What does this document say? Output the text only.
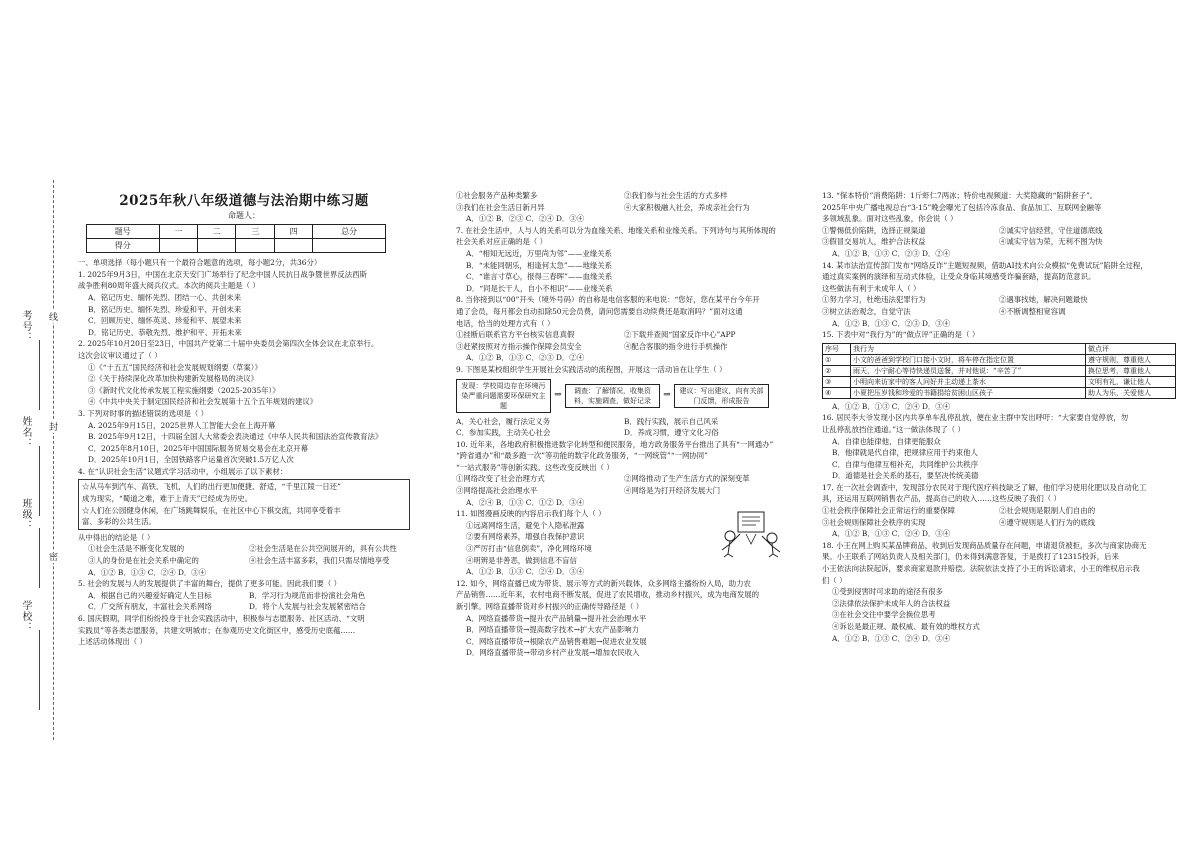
考号：
姓名：
班级：
学校：
线
封
密
2025年秋八年级道德与法治期中练习题
命题人：
题号	一	二	三	四	总分
得分					
一、单项选择（每小题只有一个最符合题意的选项，每小题2分，共36分）
1. 2025年9月3日，中国在北京天安门广场举行了纪念中国人民抗日战争暨世界反法西斯
战争胜利80周年盛大阅兵仪式。本次的阅兵主题是（ ）
A．铭记历史、缅怀先烈、团结一心、共创未来
B．铭记历史、缅怀先烈、珍爱和平、开创未来
C．回顾历史、缅怀英灵、珍爱和平、展望未来
D．铭记历史、恭敬先烈、维护和平、开拓未来
2. 2025年10月20日至23日，中国共产党第二十届中央委员会第四次全体会议在北京举行。
这次会议审议通过了（ ）
①《“十五五”国民经济和社会发展规划纲要（草案）》
②《关于持续深化改革加快构建新发展格局的决议》
③《新时代文化传承发展工程实施纲要（2025-2035年）》
④《中共中央关于制定国民经济和社会发展第十五个五年规划的建议》
3. 下列对时事的描述错误的选项是（ ）
A. 2025年9月15日，2025世界人工智能大会在上海开幕
B. 2025年9月12日，十四届全国人大常委会表决通过《中华人民共和国法治宣传教育法》
C．2025年8月10日，2025年中国国际服务贸易交易会在北京开幕
D．2025年10月1日，全国铁路客户运量首次突破1.5万亿人次
4. 在“认识社会生活”议题式学习活动中，小组展示了以下素材：
☆从马车到汽车、高铁、飞机，人们的出行更加便捷、舒适，“千里江陵一日还”
成为现实，“蜀道之难，难于上青天”已经成为历史。
☆人们在公园健身休闲，在广场跳舞娱乐，在社区中心下棋交流，共同享受着丰
富、多彩的公共生活。
从中得出的结论是（ ）
①社会生活是不断变化发展的	②社会生活是在公共空间展开的，具有公共性
③人的身份是在社会关系中确定的	④社会生活丰富多彩，我们只需尽情地享受
A．①② B．①③ C．②④ D．③④
5. 社会的发展与人的发展提供了丰富的舞台，提供了更多可能。因此我们要（ ）
A．根据自己的兴趣爱好确定人生目标	B．学习行为规范而非扮演社会角色
C．广交所有朋友，丰富社会关系网络	D．将个人发展与社会发展紧密结合
6. 国庆假期，同学们纷纷投身于社会实践活动中，积极参与志愿服务、社区活动、“文明
实践员”等各类志愿服务，共建文明城市；在参观历史文化街区中，感受历史底蕴……
上述活动体现出（ ）
①社会服务产品种类繁多	②我们参与社会生活的方式多样
③我们在社会生活日新月异	④大家积极融入社会，养成亲社会行为
A．①② B．②③ C．②④ D．③④
7. 在社会生活中，人与人的关系可以分为血缘关系、地缘关系和业缘关系。下列诗句与其所体现的
社会关系对应正确的是（ ）
A．“相知无远近，万里尚为邻”——业缘关系
B．“未能同朝乐，相逢何太急”——地缘关系
C．“谁言寸草心，报得三春晖”——血缘关系
D．“同是长干人，自小不相识”——业缘关系
8. 当你接到以“00”开头（境外号码）的自称是电信客服的来电说：“您好，您在某平台今年开
通了会员，每月都会自动扣除50元会员费，请问您需要自动续费还是取消吗？”面对这通
电话，恰当的处理方式有（ ）
①挂断后联系官方平台核实信息真假	②下载并查阅“国家反诈中心”APP
③赶紧按照对方指示操作保障会员安全	④配合客服的指令进行手机操作
A．①② B．①③ C．②③ D．②④
9. 下图是某校组织学生开展社会实践活动的流程图，开展这一活动旨在让学生（ ）
发现：学校周边存在环境污染严重问题需要环保研究主题
⇒	调查：了解情况，收集资料，实施调查，做好记录
⇒	建议：写出建议，向有关部门反馈，形成报告
A．关心社会，履行法定义务	B．践行实践，展示自己风采
C．参加实践，主动关心社会	D．养成习惯，遵守文化习俗
10. 近年来，各地政府积极推进数字化转型和便民服务，地方政务服务平台推出了具有“一网通办”
“跨省通办”和“最多跑一次”等功能的数字化政务服务，“一网统管”“一网协同”
“一站式服务”等创新实践。这些改变反映出（ ）
①网络改变了社会治理方式	②网络推动了生产生活方式的深刻变革
③网络提高社会治理水平	④网络是为打开经济发展大门
A．②④ B．①③ C．①② D．③④
11. 如图漫画反映的内容启示我们每个人（ ）
①远离网络生活，避免个人隐私泄露
②要有网络素养，增强自我保护意识
③严厉打击“信息倒卖”，净化网络环境
④明辨是非善恶，做到信息不盲信
A．①② B．①③ C．②④ D．③④
12. 如今，网络直播已成为带货、展示等方式的新兴载体，众多网络主播纷纷入局，助力农
产品销售……近年来，农村电商不断发展，促进了农民增收，推动乡村振兴，成为电商发展的
新引擎。网络直播带货对乡村振兴的正确传导路径是（ ）
A．网络直播带货→提升农产品销量→提升社会治理水平
B．网络直播带货→提高数字技术→扩大农产品影响力
C．网络直播带货→根除农产品销售难题→促进农业发展
D．网络直播带货→带动乡村产业发展→增加农民收入
13. “保本特价”消费陷阱：1斤虾仁7两冰；特价电视频道：大奖隐藏的“陷阱套子”。
2025年中央广播电视总台“3·15”晚会曝光了包括冷冻食品、食品加工、互联网金融等
多领域乱象。面对这些乱象，你会说（ ）
①警惕低价陷阱，选择正规渠道	②诚实守信经营，守住道德底线
③假冒交易坑人，维护合法权益	④诚实守信为荣，无利不图为快
A．①② B．①③ C．②③ D．②④
14. 某市法治宣传部门发布“网络反诈”主题短视频，借助AI技术向公众模拟“免费试玩”陷阱全过程，
通过真实案例的演绎和互动式体验，让受众身临其境感受诈骗套路，提高防范意识。
这些做法有利于未成年人（ ）
①努力学习，杜绝违法犯罪行为	②遇事找她，解决问题最快
③树立法治观念，自觉守法	④不断调整相宽容调
A．①② B．①③ C．②③ D．③④
15. 下表中对“我行为”的“做点评”正确的是（ ）
序号	我行为	做点评
①	小文的爸爸到学校门口接小文时，将车停在指定位置	遵守规则，尊重他人
②	雨天，小宁耐心等待快递员送餐，并对他说：“辛苦了”	换位思考，尊重他人
③	小明向来访家中的客人问好并主动递上茶水	文明有礼，谦让他人
④	小夏把压岁钱和珍爱的书籍捐给贫困山区孩子	助人为乐，关爱他人
A．①② B．①③ C．②④ D．③④
16. 居民李大爷发现小区内共享单车乱停乱放，便在业主群中发出呼吁：“大家要自觉停放，勿
让乱停乱放挡住通道。”这一做法体现了（ ）
A．自律也能律他，自律更能服众
B．他律就是代自律，把规律应用于约束他人
C．自律与他律互相补充，共同维护公共秩序
D．道德是社会关系的基石，要坚决传统美德
17. 在一次社会调查中，发现部分农民对于现代医疗科技缺乏了解，他们学习使用化肥以及自动化工
具，还运用互联网销售农产品，提高自己的收入……这些反映了我们（ ）
①社会秩序保障社会正常运行的重要保障	②社会规则是限制人们自由的
③社会规则保障社会秩序的实现	④遵守规则是人们行为的底线
A．①② B．①③ C．②④ D．③④
18. 小王在网上购买某品牌商品，收到后发现商品质量存在问题，申请退货被拒，多次与商家协商无
果。小王联系了网站负责人及相关部门，仍未得到满意答复，于是拨打了12315投诉，后来
小王依法向法院起诉，要求商家退款并赔偿。法院依法支持了小王的诉讼请求，小王的维权启示我
们（ ）
①受到侵害时可求助的途径有很多
②法律依法保护未成年人的合法权益
③在社会交往中要学会换位思考
④诉讼是最正规、最权威、最有效的维权方式
A．①② B．①③ C．②④ D．③④
